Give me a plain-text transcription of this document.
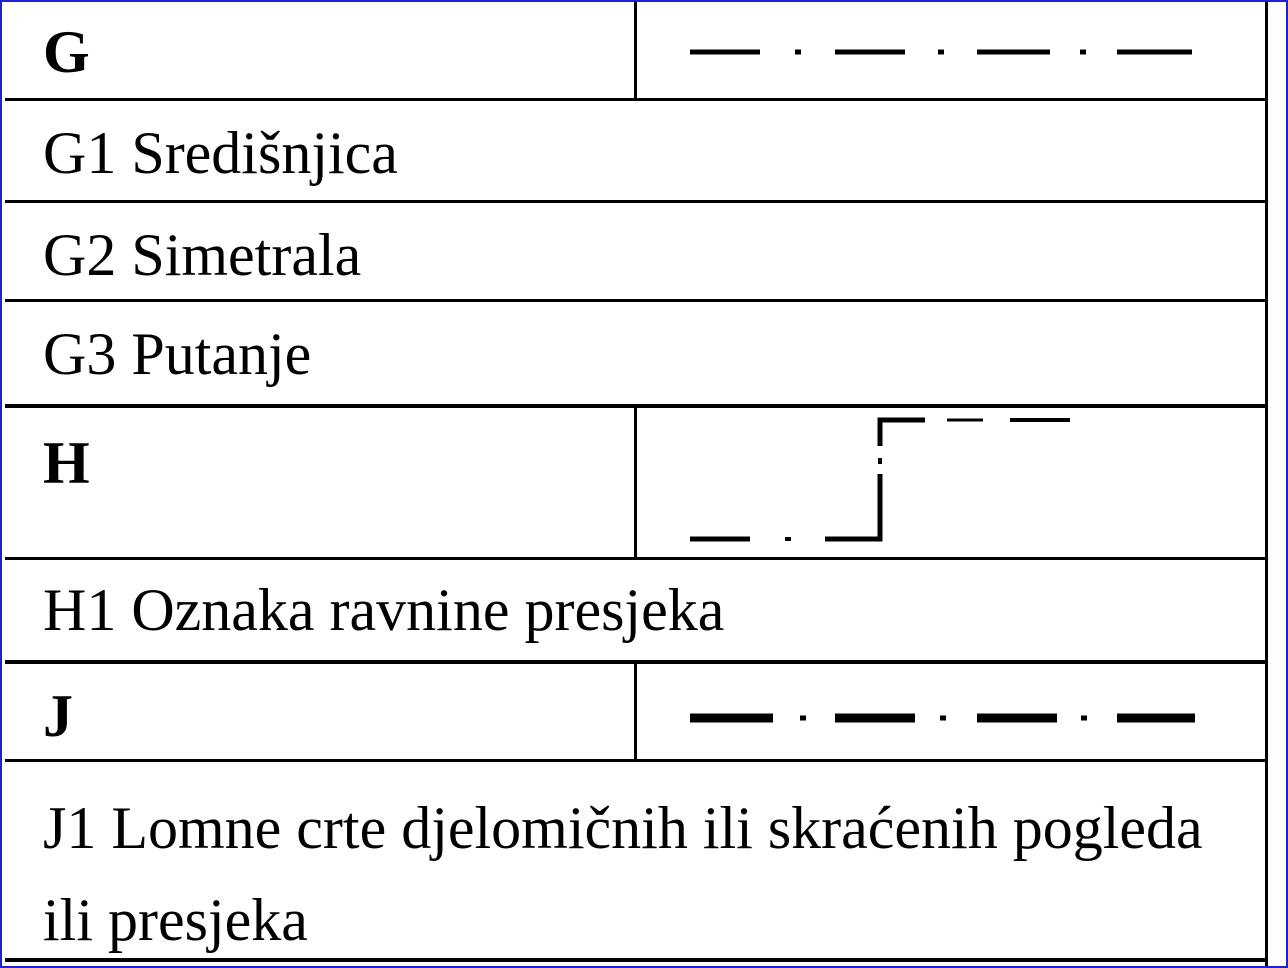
G
G1 Središnjica
G2 Simetrala
G3 Putanje
H
H1 Oznaka ravnine presjeka
J
J1 Lomne crte djelomičnih ili skraćenih pogleda ili presjeka
